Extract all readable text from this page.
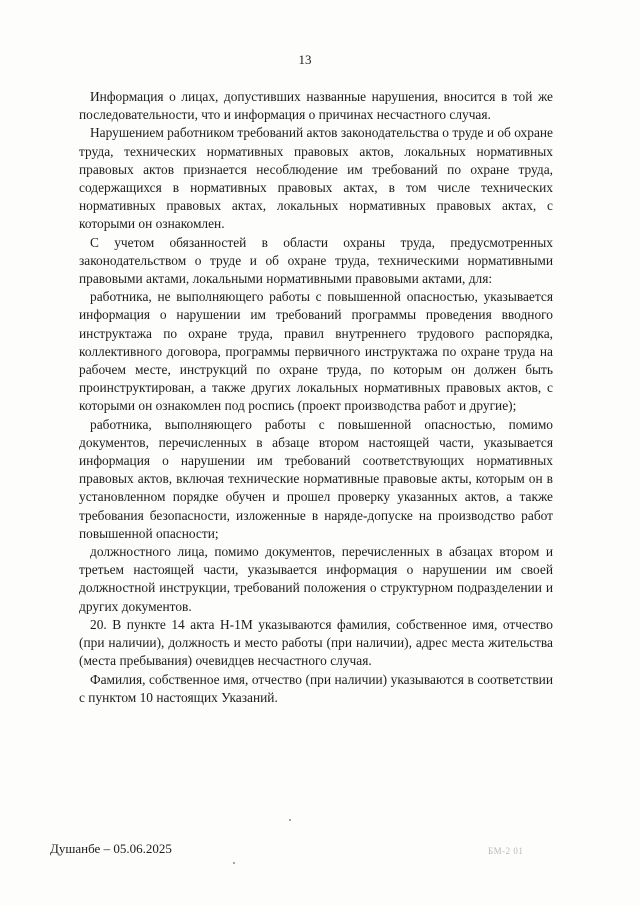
13

Информация о лицах, допустивших названные нарушения, вносится в той же последовательности, что и информация о причинах несчастного случая.

Нарушением работником требований актов законодательства о труде и об охране труда, технических нормативных правовых актов, локальных нормативных правовых актов признается несоблюдение им требований по охране труда, содержащихся в нормативных правовых актах, в том числе технических нормативных правовых актах, локальных нормативных правовых актах, с которыми он ознакомлен.

С учетом обязанностей в области охраны труда, предусмотренных законодательством о труде и об охране труда, техническими нормативными правовыми актами, локальными нормативными правовыми актами, для:

работника, не выполняющего работы с повышенной опасностью, указывается информация о нарушении им требований программы проведения вводного инструктажа по охране труда, правил внутреннего трудового распорядка, коллективного договора, программы первичного инструктажа по охране труда на рабочем месте, инструкций по охране труда, по которым он должен быть проинструктирован, а также других локальных нормативных правовых актов, с которыми он ознакомлен под роспись (проект производства работ и другие);

работника, выполняющего работы с повышенной опасностью, помимо документов, перечисленных в абзаце втором настоящей части, указывается информация о нарушении им требований соответствующих нормативных правовых актов, включая технические нормативные правовые акты, которым он в установленном порядке обучен и прошел проверку указанных актов, а также требования безопасности, изложенные в наряде-допуске на производство работ повышенной опасности;

должностного лица, помимо документов, перечисленных в абзацах втором и третьем настоящей части, указывается информация о нарушении им своей должностной инструкции, требований положения о структурном подразделении и других документов.

20. В пункте 14 акта Н-1М указываются фамилия, собственное имя, отчество (при наличии), должность и место работы (при наличии), адрес места жительства (места пребывания) очевидцев несчастного случая.

Фамилия, собственное имя, отчество (при наличии) указываются в соответствии с пунктом 10 настоящих Указаний.

Душанбе – 05.06.2025	БМ-2 01
